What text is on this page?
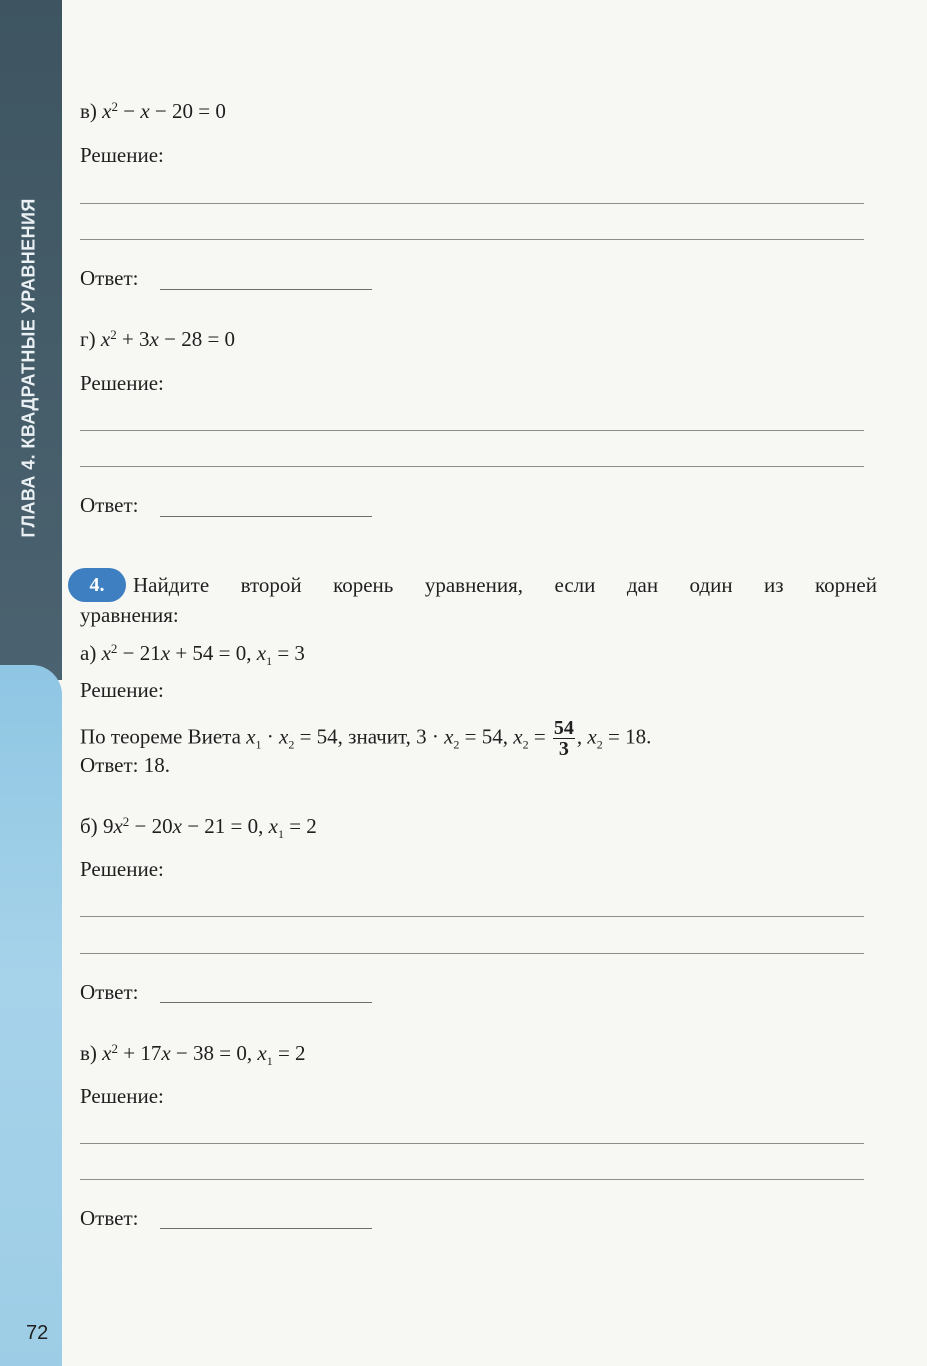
ГЛАВА 4. КВАДРАТНЫЕ УРАВНЕНИЯ
72
в) $x^2 - x - 20 = 0$
Решение:
Ответ:
г) $x^2 + 3x - 28 = 0$
Решение:
Ответ:
4.	Найдите второй корень уравнения, если дан один из корней
уравнения:
а) $x^2 - 21x + 54 = 0$, $x_1 = 3$
Решение:
По теореме Виета $x_1 \cdot x_2 = 54$, значит, $3 \cdot x_2 = 54$, $x_2 = \frac{54}{3}$ , $x_2 = 18$.
Ответ: 18.
б) $9x^2 - 20x - 21 = 0$, $x_1 = 2$
Решение:
Ответ:
в) $x^2 + 17x - 38 = 0$, $x_1 = 2$
Решение:
Ответ:
